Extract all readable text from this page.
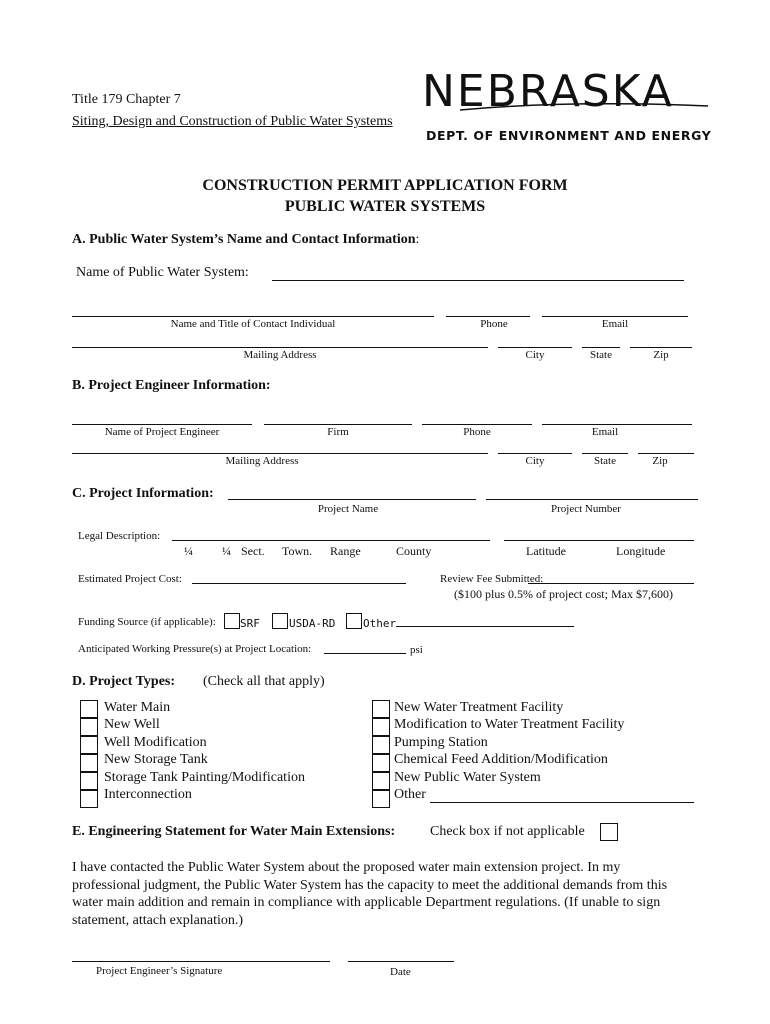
Title 179 Chapter 7
Siting, Design and Construction of Public Water Systems
NEBRASKA
DEPT. OF ENVIRONMENT AND ENERGY
CONSTRUCTION PERMIT APPLICATION FORM
PUBLIC WATER SYSTEMS
A. Public Water System’s Name and Contact Information:
Name of Public Water System:
Name and Title of Contact Individual	Phone	Email
Mailing Address	City	State	Zip
B. Project Engineer Information:
Name of Project Engineer	Firm	Phone	Email
Mailing Address	City	State	Zip
C. Project Information:
Project Name	Project Number
Legal Description:
¼ ¼ Sect. Town. Range	County	Latitude	Longitude
Estimated Project Cost:	Review Fee Submitted:
($100 plus 0.5% of project cost; Max $7,600)
Funding Source (if applicable): SRF	USDA-RD	Other
Anticipated Working Pressure(s) at Project Location:	psi
D. Project Types: (Check all that apply)
Water Main
New Well
Well Modification
New Storage Tank
Storage Tank Painting/Modification
Interconnection
New Water Treatment Facility
Modification to Water Treatment Facility
Pumping Station
Chemical Feed Addition/Modification
New Public Water System
Other
E. Engineering Statement for Water Main Extensions: Check box if not applicable
I have contacted the Public Water System about the proposed water main extension project. In my professional judgment, the Public Water System has the capacity to meet the additional demands from this water main addition and remain in compliance with applicable Department regulations. (If unable to sign statement, attach explanation.)
Project Engineer’s Signature	Date
